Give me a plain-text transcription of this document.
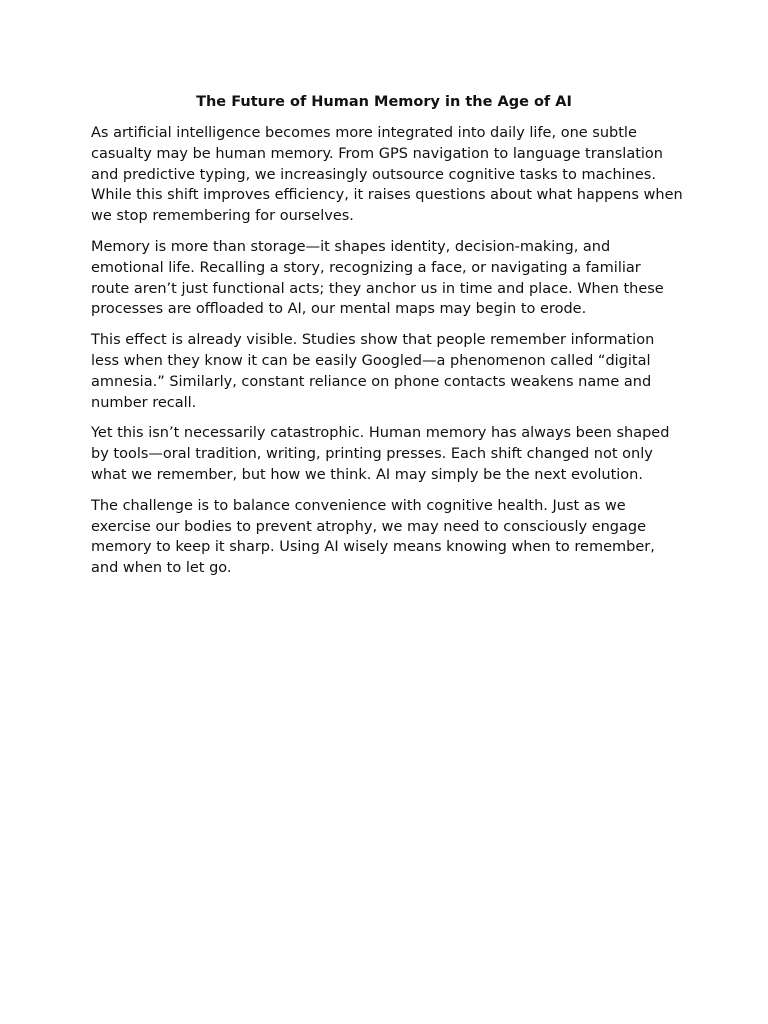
The Future of Human Memory in the Age of AI

As artificial intelligence becomes more integrated into daily life, one subtle casualty may be human memory. From GPS navigation to language translation and predictive typing, we increasingly outsource cognitive tasks to machines. While this shift improves efficiency, it raises questions about what happens when we stop remembering for ourselves.

Memory is more than storage—it shapes identity, decision-making, and emotional life. Recalling a story, recognizing a face, or navigating a familiar route aren’t just functional acts; they anchor us in time and place. When these processes are offloaded to AI, our mental maps may begin to erode.

This effect is already visible. Studies show that people remember information less when they know it can be easily Googled—a phenomenon called “digital amnesia.” Similarly, constant reliance on phone contacts weakens name and number recall.

Yet this isn’t necessarily catastrophic. Human memory has always been shaped by tools—oral tradition, writing, printing presses. Each shift changed not only what we remember, but how we think. AI may simply be the next evolution.

The challenge is to balance convenience with cognitive health. Just as we exercise our bodies to prevent atrophy, we may need to consciously engage memory to keep it sharp. Using AI wisely means knowing when to remember, and when to let go.
